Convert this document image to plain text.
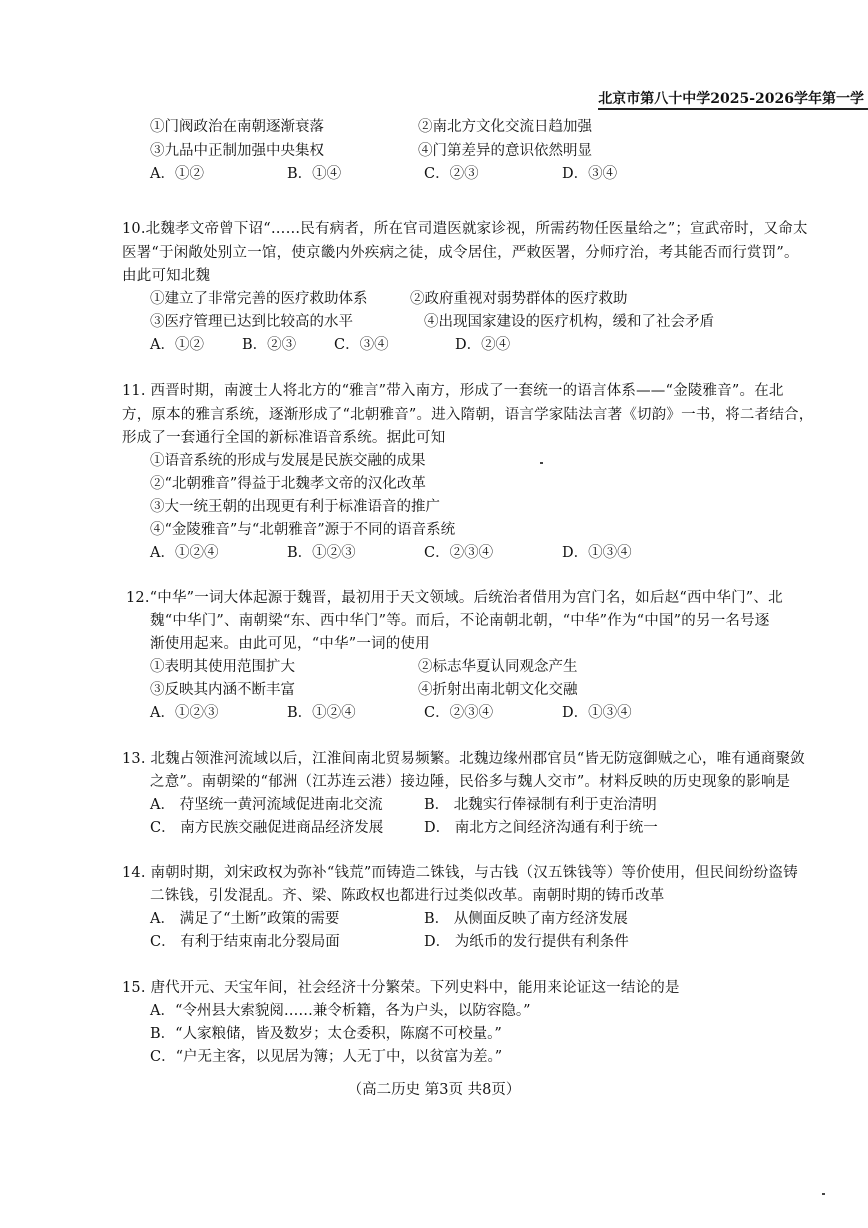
北京市第八十中学2025-2026学年第一学
①门阀政治在南朝逐渐衰落	②南北方文化交流日趋加强
③九品中正制加强中央集权	④门第差异的意识依然明显
A．①②	B．①④	C．②③	D．③④
10.北魏孝文帝曾下诏“……民有病者，所在官司遣医就家诊视，所需药物任医量给之”；宣武帝时，又命太
医署“于闲敞处别立一馆，使京畿内外疾病之徒，成令居住，严敕医署，分师疗治，考其能否而行赏罚”。
由此可知北魏
①建立了非常完善的医疗救助体系	②政府重视对弱势群体的医疗救助
③医疗管理已达到比较高的水平	④出现国家建设的医疗机构，缓和了社会矛盾
A．①②	B．②③	C．③④	D．②④
11. 西晋时期，南渡士人将北方的“雅言”带入南方，形成了一套统一的语言体系——“金陵雅音”。在北
方，原本的雅言系统，逐渐形成了“北朝雅音”。进入隋朝，语言学家陆法言著《切韵》一书，将二者结合，
形成了一套通行全国的新标准语音系统。据此可知
①语音系统的形成与发展是民族交融的成果
②“北朝雅音”得益于北魏孝文帝的汉化改革
③大一统王朝的出现更有利于标准语音的推广
④“金陵雅音”与“北朝雅音”源于不同的语音系统
A．①②④	B．①②③	C．②③④	D．①③④
12.“中华”一词大体起源于魏晋，最初用于天文领域。后统治者借用为宫门名，如后赵“西中华门”、北
魏“中华门”、南朝梁“东、西中华门”等。而后，不论南朝北朝，“中华”作为“中国”的另一名号逐
渐使用起来。由此可见，“中华”一词的使用
①表明其使用范围扩大	②标志华夏认同观念产生
③反映其内涵不断丰富	④折射出南北朝文化交融
A．①②③	B．①②④	C．②③④	D．①③④
13. 北魏占领淮河流域以后，江淮间南北贸易频繁。北魏边缘州郡官员“皆无防寇御贼之心，唯有通商聚敛
之意”。南朝梁的“郁洲（江苏连云港）接边陲，民俗多与魏人交市”。材料反映的历史现象的影响是
A． 苻坚统一黄河流域促进南北交流	B． 北魏实行俸禄制有利于吏治清明
C． 南方民族交融促进商品经济发展	D． 南北方之间经济沟通有利于统一
14. 南朝时期，刘宋政权为弥补“钱荒”而铸造二铢钱，与古钱（汉五铢钱等）等价使用，但民间纷纷盗铸
二铢钱，引发混乱。齐、梁、陈政权也都进行过类似改革。南朝时期的铸币改革
A． 满足了“土断”政策的需要	B． 从侧面反映了南方经济发展
C． 有利于结束南北分裂局面	D． 为纸币的发行提供有利条件
15. 唐代开元、天宝年间，社会经济十分繁荣。下列史料中，能用来论证这一结论的是
A．“令州县大索貌阅……兼令析籍，各为户头，以防容隐。”
B．“人家粮储，皆及数岁；太仓委积，陈腐不可校量。”
C．“户无主客，以见居为簿；人无丁中，以贫富为差。”
（高二历史 第3页 共8页）
